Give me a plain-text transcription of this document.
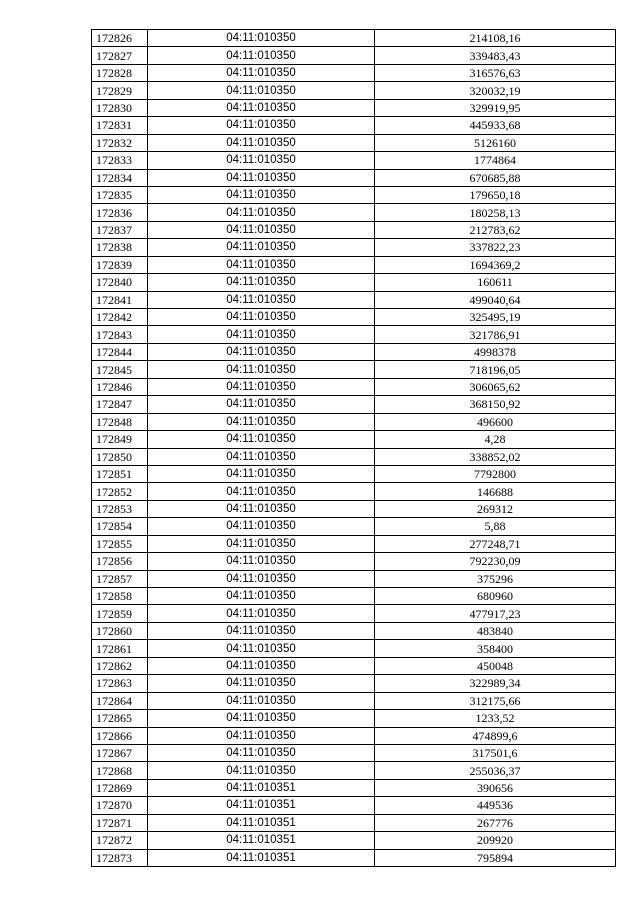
172826	04:11:010350	214108,16
172827	04:11:010350	339483,43
172828	04:11:010350	316576,63
172829	04:11:010350	320032,19
172830	04:11:010350	329919,95
172831	04:11:010350	445933,68
172832	04:11:010350	5126160
172833	04:11:010350	1774864
172834	04:11:010350	670685,88
172835	04:11:010350	179650,18
172836	04:11:010350	180258,13
172837	04:11:010350	212783,62
172838	04:11:010350	337822,23
172839	04:11:010350	1694369,2
172840	04:11:010350	160611
172841	04:11:010350	499040,64
172842	04:11:010350	325495,19
172843	04:11:010350	321786,91
172844	04:11:010350	4998378
172845	04:11:010350	718196,05
172846	04:11:010350	306065,62
172847	04:11:010350	368150,92
172848	04:11:010350	496600
172849	04:11:010350	4,28
172850	04:11:010350	338852,02
172851	04:11:010350	7792800
172852	04:11:010350	146688
172853	04:11:010350	269312
172854	04:11:010350	5,88
172855	04:11:010350	277248,71
172856	04:11:010350	792230,09
172857	04:11:010350	375296
172858	04:11:010350	680960
172859	04:11:010350	477917,23
172860	04:11:010350	483840
172861	04:11:010350	358400
172862	04:11:010350	450048
172863	04:11:010350	322989,34
172864	04:11:010350	312175,66
172865	04:11:010350	1233,52
172866	04:11:010350	474899,6
172867	04:11:010350	317501,6
172868	04:11:010350	255036,37
172869	04:11:010351	390656
172870	04:11:010351	449536
172871	04:11:010351	267776
172872	04:11:010351	209920
172873	04:11:010351	795894
